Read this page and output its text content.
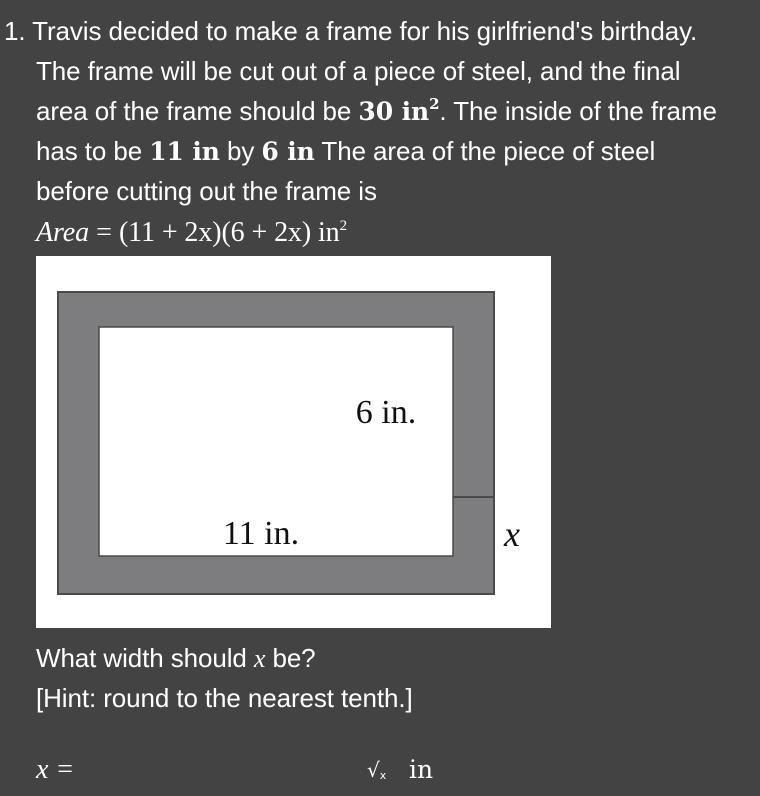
1. Travis decided to make a frame for his girlfriend's birthday.
The frame will be cut out of a piece of steel, and the final
area of the frame should be 30 $in^2$. The inside of the frame
has to be 11 in by 6 in The area of the piece of steel
before cutting out the frame is
Area = (11 + 2x)(6 + 2x) $in^2$
6 in.
11 in.	x
What width should x be?
[Hint: round to the nearest tenth.]
x =	√x in
